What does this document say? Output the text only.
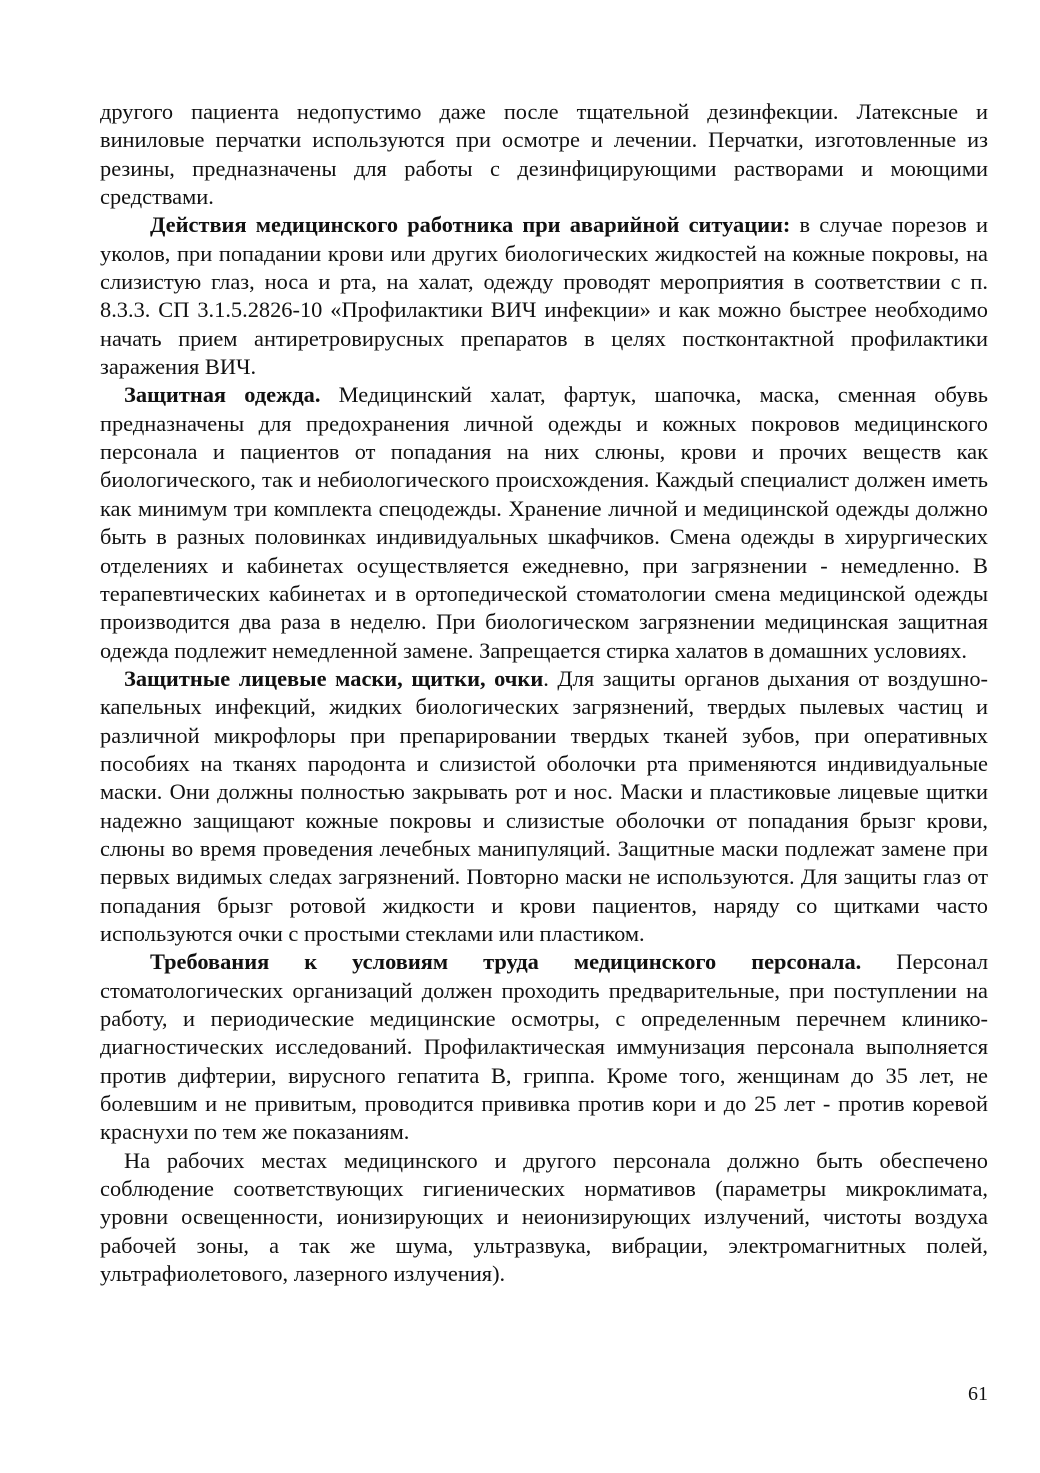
другого пациента недопустимо даже после тщательной дезинфекции. Латексные и виниловые перчатки используются при осмотре и лечении. Перчатки, изготовленные из резины, предназначены для работы с дезинфицирующими растворами и моющими средствами.

Действия медицинского работника при аварийной ситуации: в случае порезов и уколов, при попадании крови или других биологических жидкостей на кожные покровы, на слизистую глаз, носа и рта, на халат, одежду проводят мероприятия в соответствии с п. 8.3.3. СП 3.1.5.2826-10 «Профилактики ВИЧ инфекции» и как можно быстрее необходимо начать прием антиретровирусных препаратов в целях постконтактной профилактики заражения ВИЧ.

Защитная одежда. Медицинский халат, фартук, шапочка, маска, сменная обувь предназначены для предохранения личной одежды и кожных покровов медицинского персонала и пациентов от попадания на них слюны, крови и прочих веществ как биологического, так и небиологического происхождения. Каждый специалист должен иметь как минимум три комплекта спецодежды. Хранение личной и медицинской одежды должно быть в разных половинках индивидуальных шкафчиков. Смена одежды в хирургических отделениях и кабинетах осуществляется ежедневно, при загрязнении - немедленно. В терапевтических кабинетах и в ортопедической стоматологии смена медицинской одежды производится два раза в неделю. При биологическом загрязнении медицинская защитная одежда подлежит немедленной замене. Запрещается стирка халатов в домашних условиях.

Защитные лицевые маски, щитки, очки. Для защиты органов дыхания от воздушно-капельных инфекций, жидких биологических загрязнений, твердых пылевых частиц и различной микрофлоры при препарировании твердых тканей зубов, при оперативных пособиях на тканях пародонта и слизистой оболочки рта применяются индивидуальные маски. Они должны полностью закрывать рот и нос. Маски и пластиковые лицевые щитки надежно защищают кожные покровы и слизистые оболочки от попадания брызг крови, слюны во время проведения лечебных манипуляций. Защитные маски подлежат замене при первых видимых следах загрязнений. Повторно маски не используются. Для защиты глаз от попадания брызг ротовой жидкости и крови пациентов, наряду со щитками часто используются очки с простыми стеклами или пластиком.

Требования к условиям труда медицинского персонала. Персонал стоматологических организаций должен проходить предварительные, при поступлении на работу, и периодические медицинские осмотры, с определенным перечнем клинико-диагностических исследований. Профилактическая иммунизация персонала выполняется против дифтерии, вирусного гепатита В, гриппа. Кроме того, женщинам до 35 лет, не болевшим и не привитым, проводится прививка против кори и до 25 лет - против коревой краснухи по тем же показаниям.

На рабочих местах медицинского и другого персонала должно быть обеспечено соблюдение соответствующих гигиенических нормативов (параметры микроклимата, уровни освещенности, ионизирующих и неионизирующих излучений, чистоты воздуха рабочей зоны, а так же шума, ультразвука, вибрации, электромагнитных полей, ультрафиолетового, лазерного излучения).

61
